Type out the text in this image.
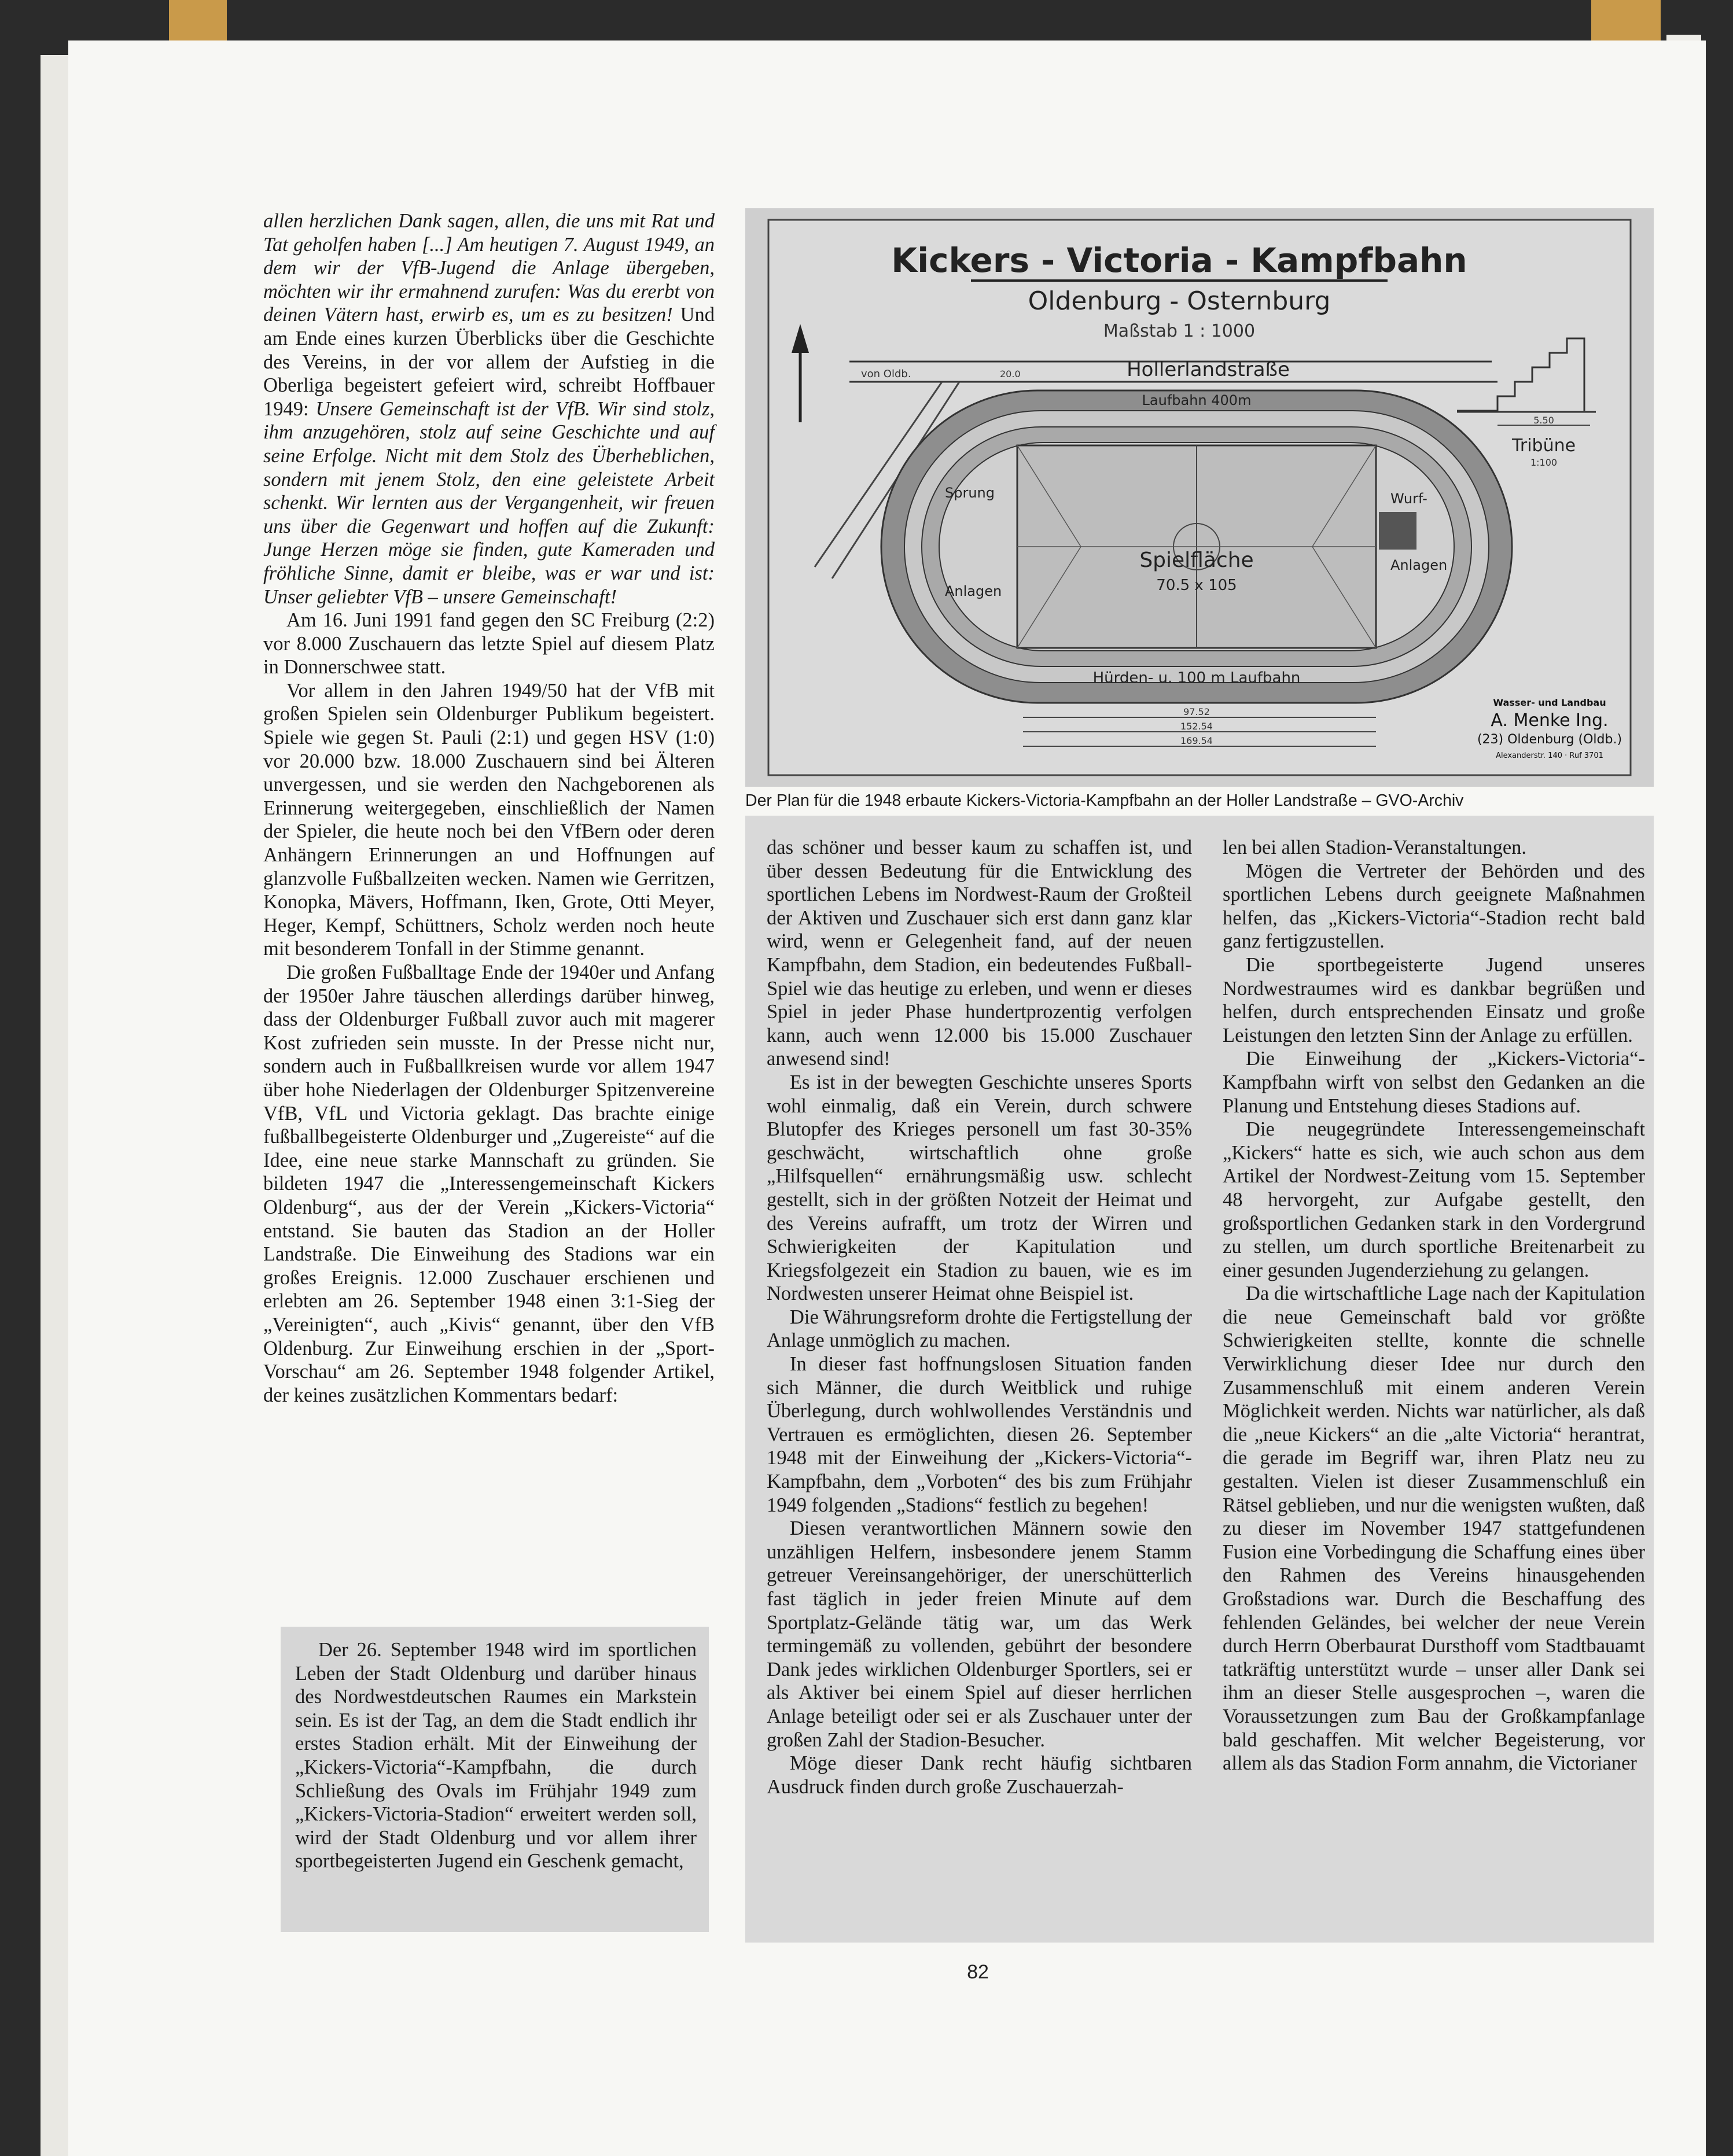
allen herzlichen Dank sagen, allen, die uns mit Rat und Tat geholfen haben [...] Am heutigen 7. August 1949, an dem wir der VfB-Jugend die Anlage übergeben, möchten wir ihr ermahnend zurufen: Was du ererbt von deinen Vätern hast, erwirb es, um es zu besitzen! Und am Ende eines kurzen Überblicks über die Geschichte des Vereins, in der vor allem der Aufstieg in die Oberliga begeistert gefeiert wird, schreibt Hoffbauer 1949: Unsere Gemeinschaft ist der VfB. Wir sind stolz, ihm anzugehören, stolz auf seine Geschichte und auf seine Erfolge. Nicht mit dem Stolz des Überheblichen, sondern mit jenem Stolz, den eine geleistete Arbeit schenkt. Wir lernten aus der Vergangenheit, wir freuen uns über die Gegenwart und hoffen auf die Zukunft: Junge Herzen möge sie finden, gute Kameraden und fröhliche Sinne, damit er bleibe, was er war und ist: Unser geliebter VfB – unsere Gemeinschaft!

Am 16. Juni 1991 fand gegen den SC Freiburg (2:2) vor 8.000 Zuschauern das letzte Spiel auf diesem Platz in Donnerschwee statt.

Vor allem in den Jahren 1949/50 hat der VfB mit großen Spielen sein Oldenburger Publikum begeistert. Spiele wie gegen St. Pauli (2:1) und gegen HSV (1:0) vor 20.000 bzw. 18.000 Zuschauern sind bei Älteren unvergessen, und sie werden den Nachgeborenen als Erinnerung weitergegeben, einschließlich der Namen der Spieler, die heute noch bei den VfBern oder deren Anhängern Erinnerungen an und Hoffnungen auf glanzvolle Fußballzeiten wecken. Namen wie Gerritzen, Konopka, Mävers, Hoffmann, Iken, Grote, Otti Meyer, Heger, Kempf, Schüttners, Scholz werden noch heute mit besonderem Tonfall in der Stimme genannt.

Die großen Fußballtage Ende der 1940er und Anfang der 1950er Jahre täuschen allerdings darüber hinweg, dass der Oldenburger Fußball zuvor auch mit magerer Kost zufrieden sein musste. In der Presse nicht nur, sondern auch in Fußballkreisen wurde vor allem 1947 über hohe Niederlagen der Oldenburger Spitzenvereine VfB, VfL und Victoria geklagt. Das brachte einige fußballbegeisterte Oldenburger und „Zugereiste“ auf die Idee, eine neue starke Mannschaft zu gründen. Sie bildeten 1947 die „Interessengemeinschaft Kickers Oldenburg“, aus der der Verein „Kickers-Victoria“ entstand. Sie bauten das Stadion an der Holler Landstraße. Die Einweihung des Stadions war ein großes Ereignis. 12.000 Zuschauer erschienen und erlebten am 26. September 1948 einen 3:1-Sieg der „Vereinigten“, auch „Kivis“ genannt, über den VfB Oldenburg. Zur Einweihung erschien in der „Sport-Vorschau“ am 26. September 1948 folgender Artikel, der keines zusätzlichen Kommentars bedarf:

Der 26. September 1948 wird im sportlichen Leben der Stadt Oldenburg und darüber hinaus des Nordwestdeutschen Raumes ein Markstein sein. Es ist der Tag, an dem die Stadt endlich ihr erstes Stadion erhält. Mit der Einweihung der „Kickers-Victoria“-Kampfbahn, die durch Schließung des Ovals im Frühjahr 1949 zum „Kickers-Victoria-Stadion“ erweitert werden soll, wird der Stadt Oldenburg und vor allem ihrer sportbegeisterten Jugend ein Geschenk gemacht,

Kickers - Victoria - Kampfbahn
Oldenburg - Osternburg
Maßstab 1 : 1000
von Oldb.	Hollerlandstraße
20.0
Laufbahn 400m
Spielfläche
70.5 x 105
Sprung
Anlagen
Wurf-
Anlagen
Hürden- u. 100 m Laufbahn
97.52
152.54
169.54
5.50
Tribüne
1:100
Wasser- und Landbau
A. Menke Ing.
(23) Oldenburg (Oldb.)
Alexanderstr. 140 · Ruf 3701
Der Plan für die 1948 erbaute Kickers-Victoria-Kampfbahn an der Holler Landstraße – GVO-Archiv

das schöner und besser kaum zu schaffen ist, und über dessen Bedeutung für die Entwicklung des sportlichen Lebens im Nordwest-Raum der Großteil der Aktiven und Zuschauer sich erst dann ganz klar wird, wenn er Gelegenheit fand, auf der neuen Kampfbahn, dem Stadion, ein bedeutendes Fußball-Spiel wie das heutige zu erleben, und wenn er dieses Spiel in jeder Phase hundertprozentig verfolgen kann, auch wenn 12.000 bis 15.000 Zuschauer anwesend sind!

Es ist in der bewegten Geschichte unseres Sports wohl einmalig, daß ein Verein, durch schwere Blutopfer des Krieges personell um fast 30-35% geschwächt, wirtschaftlich ohne große „Hilfsquellen“ ernährungsmäßig usw. schlecht gestellt, sich in der größten Notzeit der Heimat und des Vereins aufrafft, um trotz der Wirren und Schwierigkeiten der Kapitulation und Kriegsfolgezeit ein Stadion zu bauen, wie es im Nordwesten unserer Heimat ohne Beispiel ist.

Die Währungsreform drohte die Fertigstellung der Anlage unmöglich zu machen.

In dieser fast hoffnungslosen Situation fanden sich Männer, die durch Weitblick und ruhige Überlegung, durch wohlwollendes Verständnis und Vertrauen es ermöglichten, diesen 26. September 1948 mit der Einweihung der „Kickers-Victoria“-Kampfbahn, dem „Vorboten“ des bis zum Frühjahr 1949 folgenden „Stadions“ festlich zu begehen!

Diesen verantwortlichen Männern sowie den unzähligen Helfern, insbesondere jenem Stamm getreuer Vereinsangehöriger, der unerschütterlich fast täglich in jeder freien Minute auf dem Sportplatz-Gelände tätig war, um das Werk termingemäß zu vollenden, gebührt der besondere Dank jedes wirklichen Oldenburger Sportlers, sei er als Aktiver bei einem Spiel auf dieser herrlichen Anlage beteiligt oder sei er als Zuschauer unter der großen Zahl der Stadion-Besucher.

Möge dieser Dank recht häufig sichtbaren Ausdruck finden durch große Zuschauerzah-

len bei allen Stadion-Veranstaltungen.

Mögen die Vertreter der Behörden und des sportlichen Lebens durch geeignete Maßnahmen helfen, das „Kickers-Victoria“-Stadion recht bald ganz fertigzustellen.

Die sportbegeisterte Jugend unseres Nordwestraumes wird es dankbar begrüßen und helfen, durch entsprechenden Einsatz und große Leistungen den letzten Sinn der Anlage zu erfüllen.

Die Einweihung der „Kickers-Victoria“-Kampfbahn wirft von selbst den Gedanken an die Planung und Entstehung dieses Stadions auf.

Die neugegründete Interessengemeinschaft „Kickers“ hatte es sich, wie auch schon aus dem Artikel der Nordwest-Zeitung vom 15. September 48 hervorgeht, zur Aufgabe gestellt, den großsportlichen Gedanken stark in den Vordergrund zu stellen, um durch sportliche Breitenarbeit zu einer gesunden Jugenderziehung zu gelangen.

Da die wirtschaftliche Lage nach der Kapitulation die neue Gemeinschaft bald vor größte Schwierigkeiten stellte, konnte die schnelle Verwirklichung dieser Idee nur durch den Zusammenschluß mit einem anderen Verein Möglichkeit werden. Nichts war natürlicher, als daß die „neue Kickers“ an die „alte Victoria“ herantrat, die gerade im Begriff war, ihren Platz neu zu gestalten. Vielen ist dieser Zusammenschluß ein Rätsel geblieben, und nur die wenigsten wußten, daß zu dieser im November 1947 stattgefundenen Fusion eine Vorbedingung die Schaffung eines über den Rahmen des Vereins hinausgehenden Großstadions war. Durch die Beschaffung des fehlenden Geländes, bei welcher der neue Verein durch Herrn Oberbaurat Dursthoff vom Stadtbauamt tatkräftig unterstützt wurde – unser aller Dank sei ihm an dieser Stelle ausgesprochen –, waren die Voraussetzungen zum Bau der Großkampfanlage bald geschaffen. Mit welcher Begeisterung, vor allem als das Stadion Form annahm, die Victorianer

82
